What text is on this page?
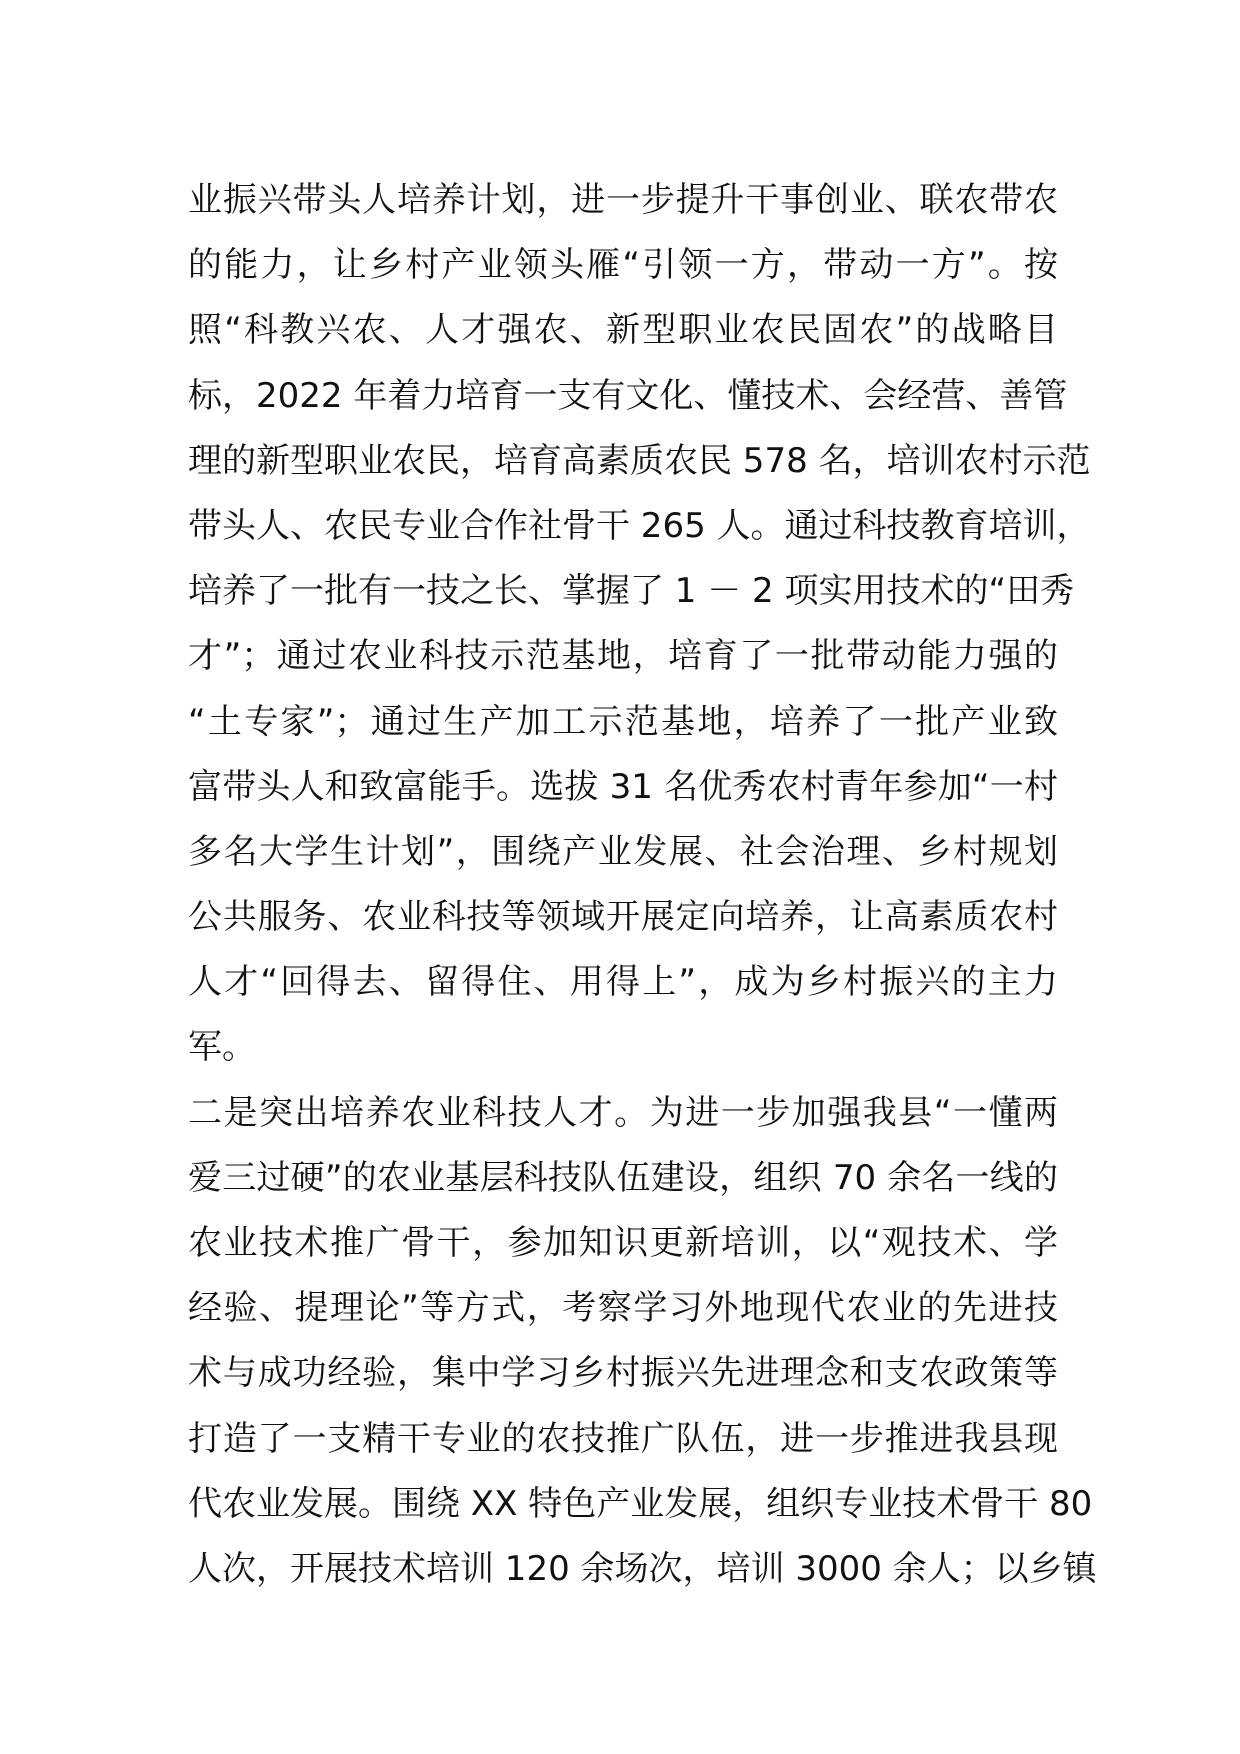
业振兴带头人培养计划，进一步提升干事创业、联农带农
的能力，让乡村产业领头雁“引领一方，带动一方”。按
照“科教兴农、人才强农、新型职业农民固农”的战略目
标，2022 年着力培育一支有文化、懂技术、会经营、善管
理的新型职业农民，培育高素质农民 578 名，培训农村示范
带头人、农民专业合作社骨干 265 人。通过科技教育培训，
培养了一批有一技之长、掌握了 1 － 2 项实用技术的“田秀
才”；通过农业科技示范基地，培育了一批带动能力强的
“土专家”；通过生产加工示范基地，培养了一批产业致
富带头人和致富能手。选拔 31 名优秀农村青年参加“一村
多名大学生计划”，围绕产业发展、社会治理、乡村规划
公共服务、农业科技等领域开展定向培养，让高素质农村
人才“回得去、留得住、用得上”，成为乡村振兴的主力
军。
二是突出培养农业科技人才。为进一步加强我县“一懂两
爱三过硬”的农业基层科技队伍建设，组织 70 余名一线的
农业技术推广骨干，参加知识更新培训，以“观技术、学
经验、提理论”等方式，考察学习外地现代农业的先进技
术与成功经验，集中学习乡村振兴先进理念和支农政策等
打造了一支精干专业的农技推广队伍，进一步推进我县现
代农业发展。围绕 XX 特色产业发展，组织专业技术骨干 80
人次，开展技术培训 120 余场次，培训 3000 余人；以乡镇
